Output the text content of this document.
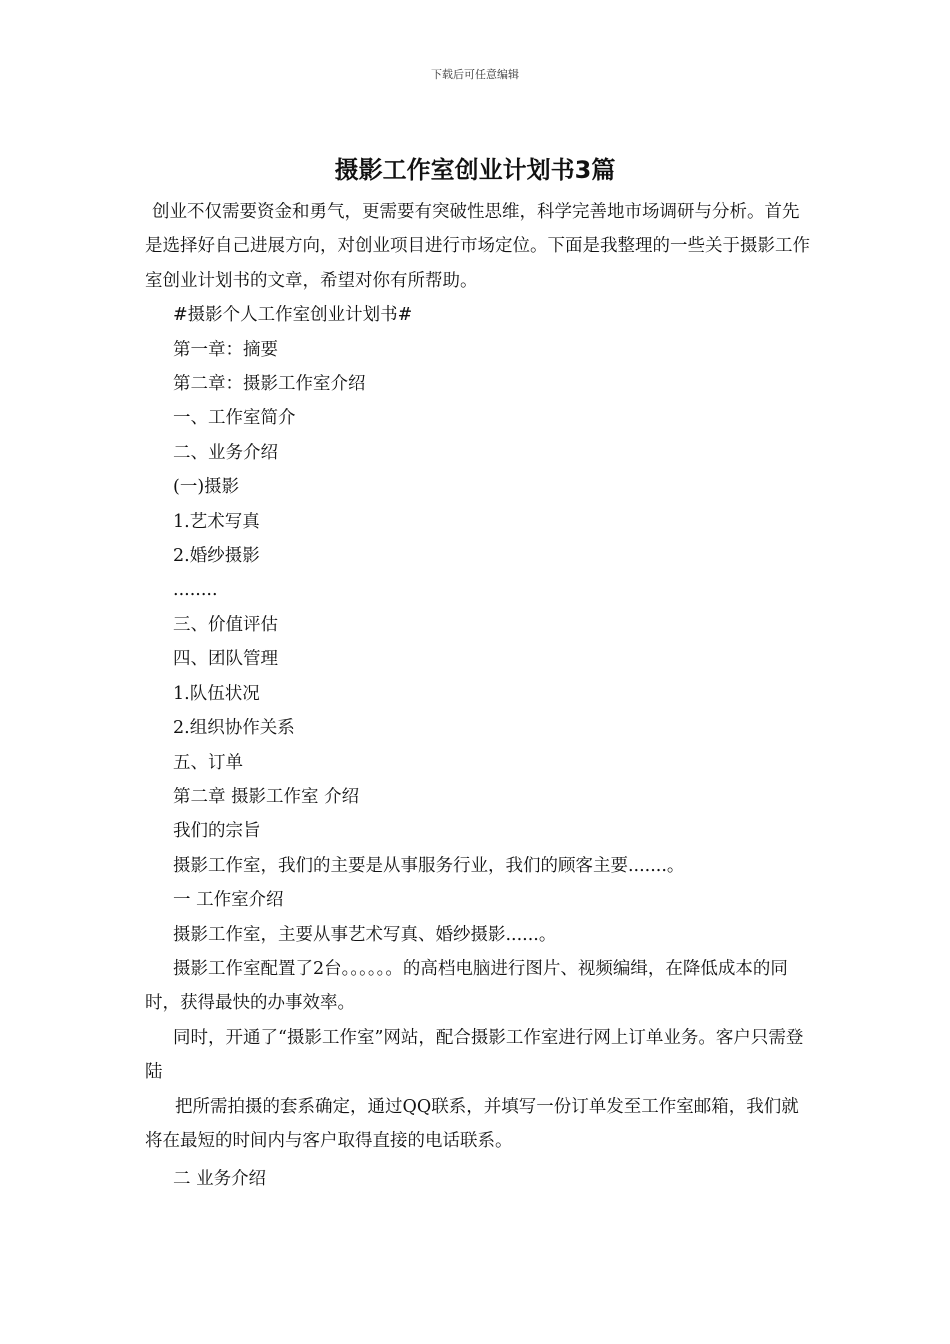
下载后可任意编辑
摄影工作室创业计划书3篇

创业不仅需要资金和勇气，更需要有突破性思维，科学完善地市场调研与分析。首先是选择好自己进展方向，对创业项目进行市场定位。下面是我整理的一些关于摄影工作室创业计划书的文章，希望对你有所帮助。

#摄影个人工作室创业计划书#

第一章：摘要

第二章：摄影工作室介绍

一、工作室简介

二、业务介绍

(一)摄影

1.艺术写真

2.婚纱摄影

........

三、价值评估

四、团队管理

1.队伍状况

2.组织协作关系

五、订单

第二章 摄影工作室 介绍

我们的宗旨

摄影工作室，我们的主要是从事服务行业，我们的顾客主要.......。

一 工作室介绍

摄影工作室，主要从事艺术写真、婚纱摄影......。

摄影工作室配置了2台。。。。。。的高档电脑进行图片、视频编缉，在降低成本的同时，获得最快的办事效率。

同时，开通了“摄影工作室”网站，配合摄影工作室进行网上订单业务。客户只需登陆

把所需拍摄的套系确定，通过QQ联系，并填写一份订单发至工作室邮箱，我们就将在最短的时间内与客户取得直接的电话联系。

二 业务介绍
